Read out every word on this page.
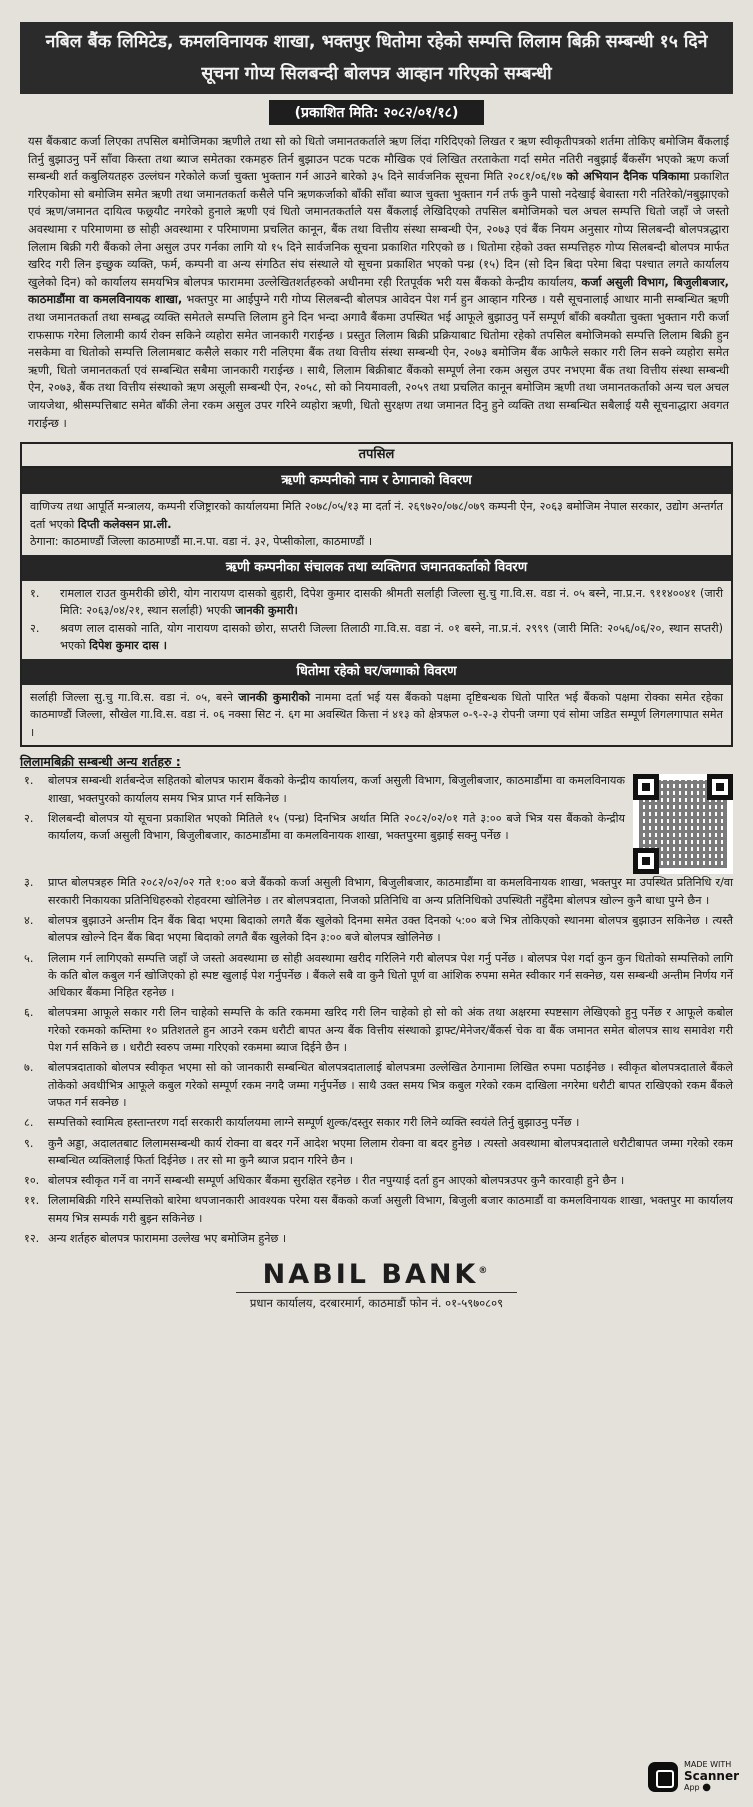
नबिल बैंक लिमिटेड, कमलविनायक शाखा, भक्तपुर धितोमा रहेको सम्पत्ति लिलाम बिक्री सम्बन्धी १५ दिने सूचना गोप्य सिलबन्दी बोलपत्र आव्हान गरिएको सम्बन्धी
(प्रकाशित मिति: २०८२/०१/१८)
यस बैंकबाट कर्जा लिएका तपसिल बमोजिमका ऋणीले तथा सो को धितो जमानतकर्ताले ऋण लिंदा गरिदिएको लिखत र ऋण स्वीकृतीपत्रको शर्तमा तोकिए बमोजिम बैंकलाई तिर्नु बुझाउनु पर्ने साँवा किस्ता तथा ब्याज समेतका रकमहरु तिर्न बुझाउन पटक पटक मौखिक एवं लिखित तरताकेता गर्दा समेत नतिरी नबुझाई बैंकसँग भएको ऋण कर्जा सम्बन्धी शर्त कबुलियतहरु उल्लंघन गरेकोले कर्जा चुक्ता भुक्तान गर्न आउने बारेको ३५ दिने सार्वजनिक सूचना मिति २०८१/०६/१७ को अभियान दैनिक पत्रिकामा प्रकाशित गरिएकोमा सो बमोजिम समेत ऋणी तथा जमानतकर्ता कसैले पनि ऋणकर्जाको बाँकी साँवा ब्याज चुक्ता भुक्तान गर्न तर्फ कुनै पासो नदेखाई बेवास्ता गरी नतिरेको/नबुझाएको एवं ऋण/जमानत दायित्व फछ्र्यौट नगरेको हुनाले ऋणी एवं धितो जमानतकर्ताले यस बैंकलाई लेखिदिएको तपसिल बमोजिमको चल अचल सम्पत्ति धितो जहाँ जे जस्तो अवस्थामा र परिमाणमा छ सोही अवस्थामा र परिमाणमा प्रचलित कानून, बैंक तथा वित्तीय संस्था सम्बन्धी ऐन, २०७३ एवं बैंक नियम अनुसार गोप्य सिलबन्दी बोलपत्रद्धारा लिलाम बिक्री गरी बैंकको लेना असुल उपर गर्नका लागि यो १५ दिने सार्वजनिक सूचना प्रकाशित गरिएको छ । धितोमा रहेको उक्त सम्पत्तिहरु गोप्य सिलबन्दी बोलपत्र मार्फत खरिद गरी लिन इच्छुक व्यक्ति, फर्म, कम्पनी वा अन्य संगठित संघ संस्थाले यो सूचना प्रकाशित भएको पन्ध्र (१५) दिन (सो दिन बिदा परेमा बिदा पश्चात लगते कार्यालय खुलेको दिन) को कार्यालय समयभित्र बोलपत्र फाराममा उल्लेखितशर्तहरुको अधीनमा रही रितपूर्वक भरी यस बैंकको केन्द्रीय कार्यालय, कर्जा असुली विभाग, बिजुलीबजार, काठमाडौंमा वा कमलविनायक शाखा, भक्तपुर मा आईपुग्ने गरी गोप्य सिलबन्दी बोलपत्र आवेदन पेश गर्न हुन आव्हान गरिन्छ । यसै सूचनालाई आधार मानी सम्बन्धित ऋणी तथा जमानतकर्ता तथा सम्बद्ध व्यक्ति समेतले सम्पत्ति लिलाम हुने दिन भन्दा अगावै बैंकमा उपस्थित भई आफूले बुझाउनु पर्ने सम्पूर्ण बाँकी बक्यौता चुक्ता भुक्तान गरी कर्जा राफसाफ गरेमा लिलामी कार्य रोक्न सकिने व्यहोरा समेत जानकारी गराईन्छ । प्रस्तुत लिलाम बिक्री प्रक्रियाबाट धितोमा रहेको तपसिल बमोजिमको सम्पत्ति लिलाम बिक्री हुन नसकेमा वा धितोको सम्पत्ति लिलामबाट कसैले सकार गरी नलिएमा बैंक तथा वित्तीय संस्था सम्बन्धी ऐन, २०७३ बमोजिम बैंक आफैले सकार गरी लिन सक्ने व्यहोरा समेत ऋणी, धितो जमानतकर्ता एवं सम्बन्धित सबैमा जानकारी गराईन्छ । साथै, लिलाम बिक्रीबाट बैंकको सम्पूर्ण लेना रकम असुल उपर नभएमा बैंक तथा वित्तीय संस्था सम्बन्धी ऐन, २०७३, बैंक तथा वित्तीय संस्थाको ऋण असूली सम्बन्धी ऐन, २०५८, सो को नियमावली, २०५९ तथा प्रचलित कानून बमोजिम ऋणी तथा जमानतकर्ताको अन्य चल अचल जायजेथा, श्रीसम्पत्तिबाट समेत बाँकी लेना रकम असुल उपर गरिने व्यहोरा ऋणी, धितो सुरक्षण तथा जमानत दिनु हुने व्यक्ति तथा सम्बन्धित सबैलाई यसै सूचनाद्धारा अवगत गराईन्छ ।
तपसिल
ऋणी कम्पनीको नाम र ठेगानाको विवरण
वाणिज्य तथा आपूर्ति मन्त्रालय, कम्पनी रजिष्ट्रारको कार्यालयमा मिति २०७८/०५/१३ मा दर्ता नं. २६९७२०/०७८/०७९ कम्पनी ऐन, २०६३ बमोजिम नेपाल सरकार, उद्योग अन्तर्गत दर्ता भएको दिप्ती कलेक्सन प्रा.ली.

ठेगाना: काठमाण्डौं जिल्ला काठमाण्डौं मा.न.पा. वडा नं. ३२, पेप्सीकोला, काठमाण्डौं ।

ऋणी कम्पनीका संचालक तथा व्यक्तिगत जमानतकर्ताको विवरण
१.	रामलाल राउत कुमरीकी छोरी, योग नारायण दासको बुहारी, दिपेश कुमार दासकी श्रीमती सर्लाही जिल्ला सु.चु गा.वि.स. वडा नं. ०५ बस्ने, ना.प्र.न. ९११४००४१ (जारी मिति: २०६३/०४/२१, स्थान सर्लाही) भएकी जानकी कुमारी।
२.	श्रवण लाल दासको नाति, योग नारायण दासको छोरा, सप्तरी जिल्ला तिलाठी गा.वि.स. वडा नं. ०१ बस्ने, ना.प्र.नं. २९९९ (जारी मिति: २०५६/०६/२०, स्थान सप्तरी) भएको दिपेश कुमार दास ।
धितोमा रहेको घर/जग्गाको विवरण
सर्लाही जिल्ला सु.चु गा.वि.स. वडा नं. ०५, बस्ने जानकी कुमारीको नाममा दर्ता भई यस बैंकको पक्षमा दृष्टिबन्धक धितो पारित भई बैंकको पक्षमा रोक्का समेत रहेका काठमाण्डौं जिल्ला, सौखेल गा.वि.स. वडा नं. ०६ नक्सा सिट नं. ६ग मा अवस्थित कित्ता नं ४१३ को क्षेत्रफल ०-९-२-३ रोपनी जग्गा एवं सोमा जडित सम्पूर्ण लिगलगापात समेत ।
लिलामबिक्री सम्बन्धी अन्य शर्तहरु :
१.	बोलपत्र सम्बन्धी शर्तबन्देज सहितको बोलपत्र फाराम बैंकको केन्द्रीय कार्यालय, कर्जा असुली विभाग, बिजुलीबजार, काठमाडौंमा वा कमलविनायक शाखा, भक्तपुरको कार्यालय समय भित्र प्राप्त गर्न सकिनेछ ।
२.	शिलबन्दी बोलपत्र यो सूचना प्रकाशित भएको मितिले १५ (पन्ध्र) दिनभित्र अर्थात मिति २०८२/०२/०१ गते ३:०० बजे भित्र यस बैंकको केन्द्रीय कार्यालय, कर्जा असुली विभाग, बिजुलीबजार, काठमाडौंमा वा कमलविनायक शाखा, भक्तपुरमा बुझाई सक्नु पर्नेछ ।
३.	प्राप्त बोलपत्रहरु मिति २०८२/०२/०२ गते १:०० बजे बैंकको कर्जा असुली विभाग, बिजुलीबजार, काठमाडौंमा वा कमलविनायक शाखा, भक्तपुर मा उपस्थित प्रतिनिधि र/वा सरकारी निकायका प्रतिनिधिहरुको रोहवरमा खोलिनेछ । तर बोलपत्रदाता, निजको प्रतिनिधि वा अन्य प्रतिनिधिको उपस्थिती नहुँदैमा बोलपत्र खोल्न कुनै बाधा पुग्ने छैन ।
४.	बोलपत्र बुझाउने अन्तीम दिन बैंक बिदा भएमा बिदाको लगतै बैंक खुलेको दिनमा समेत उक्त दिनको ५:०० बजे भित्र तोकिएको स्थानमा बोलपत्र बुझाउन सकिनेछ । त्यस्तै बोलपत्र खोल्ने दिन बैंक बिदा भएमा बिदाको लगतै बैंक खुलेको दिन ३:०० बजे बोलपत्र खोलिनेछ ।
५.	लिलाम गर्न लागिएको सम्पत्ति जहाँ जे जस्तो अवस्थामा छ सोही अवस्थामा खरीद गरिलिने गरी बोलपत्र पेश गर्नु पर्नेछ । बोलपत्र पेश गर्दा कुन कुन धितोको सम्पत्तिको लागि के कति बोल कबुल गर्न खोजिएको हो स्पष्ट खुलाई पेश गर्नुपर्नेछ । बैंकले सबै वा कुनै धितो पूर्ण वा आंशिक रुपमा समेत स्वीकार गर्न सक्नेछ, यस सम्बन्धी अन्तीम निर्णय गर्ने अधिकार बैंकमा निहित रहनेछ ।
६.	बोलपत्रमा आफूले सकार गरी लिन चाहेको सम्पत्ति के कति रकममा खरिद गरी लिन चाहेको हो सो को अंक तथा अक्षरमा स्पष्टसाग लेखिएको हुनु पर्नेछ र आफूले कबोल गरेको रकमको कम्तिमा १० प्रतिशतले हुन आउने रकम धरौटी बापत अन्य बैंक वित्तीय संस्थाको ड्राफ्ट/मेनेजर/बैंकर्स चेक वा बैंक जमानत समेत बोलपत्र साथ समावेश गरी पेश गर्न सकिने छ । धरौटी स्वरुप जम्मा गरिएको रकममा ब्याज दिईने छैन ।
७.	बोलपत्रदाताको बोलपत्र स्वीकृत भएमा सो को जानकारी सम्बन्धित बोलपत्रदातालाई बोलपत्रमा उल्लेखित ठेगानामा लिखित रुपमा पठाईनेछ । स्वीकृत बोलपत्रदाताले बैंकले तोकेको अवधीभित्र आफूले कबुल गरेको सम्पूर्ण रकम नगदै जम्मा गर्नुपर्नेछ । साथै उक्त समय भित्र कबुल गरेको रकम दाखिला नगरेमा धरौटी बापत राखिएको रकम बैंकले जफत गर्न सक्नेछ ।
८.	सम्पत्तिको स्वामित्व हस्तान्तरण गर्दा सरकारी कार्यालयमा लाग्ने सम्पूर्ण शुल्क/दस्तुर सकार गरी लिने व्यक्ति स्वयंले तिर्नु बुझाउनु पर्नेछ ।
९.	कुनै अड्डा, अदालतबाट लिलामसम्बन्धी कार्य रोक्ना वा बदर गर्ने आदेश भएमा लिलाम रोक्ना वा बदर हुनेछ । त्यस्तो अवस्थामा बोलपत्रदाताले धरौटीबापत जम्मा गरेको रकम सम्बन्धित व्यक्तिलाई फिर्ता दिईनेछ । तर सो मा कुनै ब्याज प्रदान गरिने छैन ।
१०. बोलपत्र स्वीकृत गर्ने वा नगर्ने सम्बन्धी सम्पूर्ण अधिकार बैंकमा सुरक्षित रहनेछ । रीत नपुग्याई दर्ता हुन आएको बोलपत्रउपर कुनै कारवाही हुने छैन ।
११. लिलामबिक्री गरिने सम्पत्तिको बारेमा थपजानकारी आवश्यक परेमा यस बैंकको कर्जा असुली विभाग, बिजुली बजार काठमाडौं वा कमलविनायक शाखा, भक्तपुर मा कार्यालय समय भित्र सम्पर्क गरी बुझ्न सकिनेछ ।
१२. अन्य शर्तहरु बोलपत्र फाराममा उल्लेख भए बमोजिम हुनेछ ।
NABIL BANK®
प्रधान कार्यालय, दरबारमार्ग, काठमाडौं फोन नं. ०१-५९७०८०९
MADE WITH
Scanner
App ●
